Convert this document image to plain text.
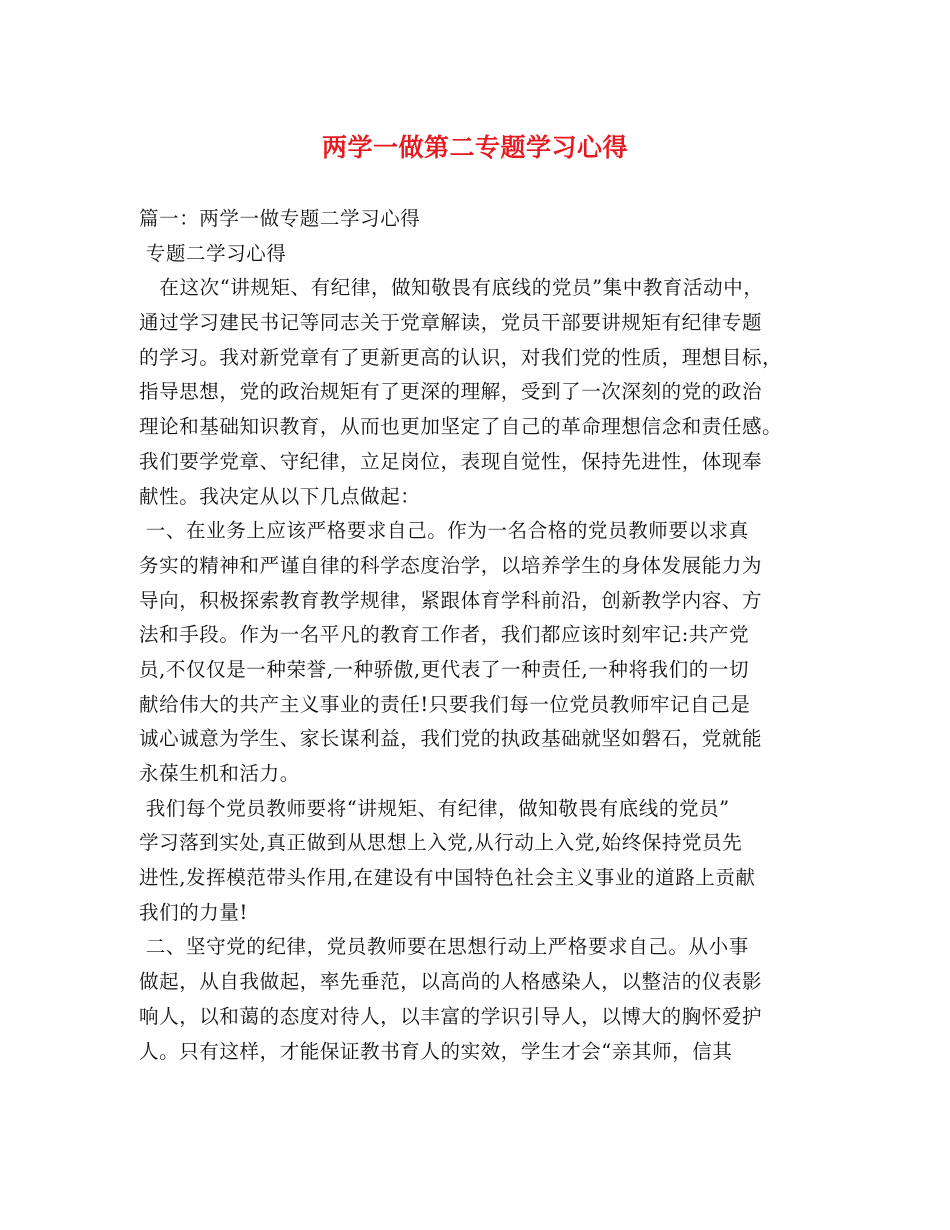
两学一做第二专题学习心得
篇一：两学一做专题二学习心得
专题二学习心得
在这次“讲规矩、有纪律，做知敬畏有底线的党员”集中教育活动中，
通过学习建民书记等同志关于党章解读，党员干部要讲规矩有纪律专题
的学习。我对新党章有了更新更高的认识，对我们党的性质，理想目标，
指导思想，党的政治规矩有了更深的理解，受到了一次深刻的党的政治
理论和基础知识教育，从而也更加坚定了自己的革命理想信念和责任感。
我们要学党章、守纪律，立足岗位，表现自觉性，保持先进性，体现奉
献性。我决定从以下几点做起：
一、在业务上应该严格要求自己。作为一名合格的党员教师要以求真
务实的精神和严谨自律的科学态度治学，以培养学生的身体发展能力为
导向，积极探索教育教学规律，紧跟体育学科前沿，创新教学内容、方
法和手段。作为一名平凡的教育工作者，我们都应该时刻牢记:共产党
员,不仅仅是一种荣誉,一种骄傲,更代表了一种责任,一种将我们的一切
献给伟大的共产主义事业的责任!只要我们每一位党员教师牢记自己是
诚心诚意为学生、家长谋利益，我们党的执政基础就坚如磐石，党就能
永葆生机和活力。
我们每个党员教师要将“讲规矩、有纪律，做知敬畏有底线的党员”
学习落到实处,真正做到从思想上入党,从行动上入党,始终保持党员先
进性,发挥模范带头作用,在建设有中国特色社会主义事业的道路上贡献
我们的力量!
二、坚守党的纪律，党员教师要在思想行动上严格要求自己。从小事
做起，从自我做起，率先垂范，以高尚的人格感染人，以整洁的仪表影
响人，以和蔼的态度对待人，以丰富的学识引导人，以博大的胸怀爱护
人。只有这样，才能保证教书育人的实效，学生才会“亲其师，信其
